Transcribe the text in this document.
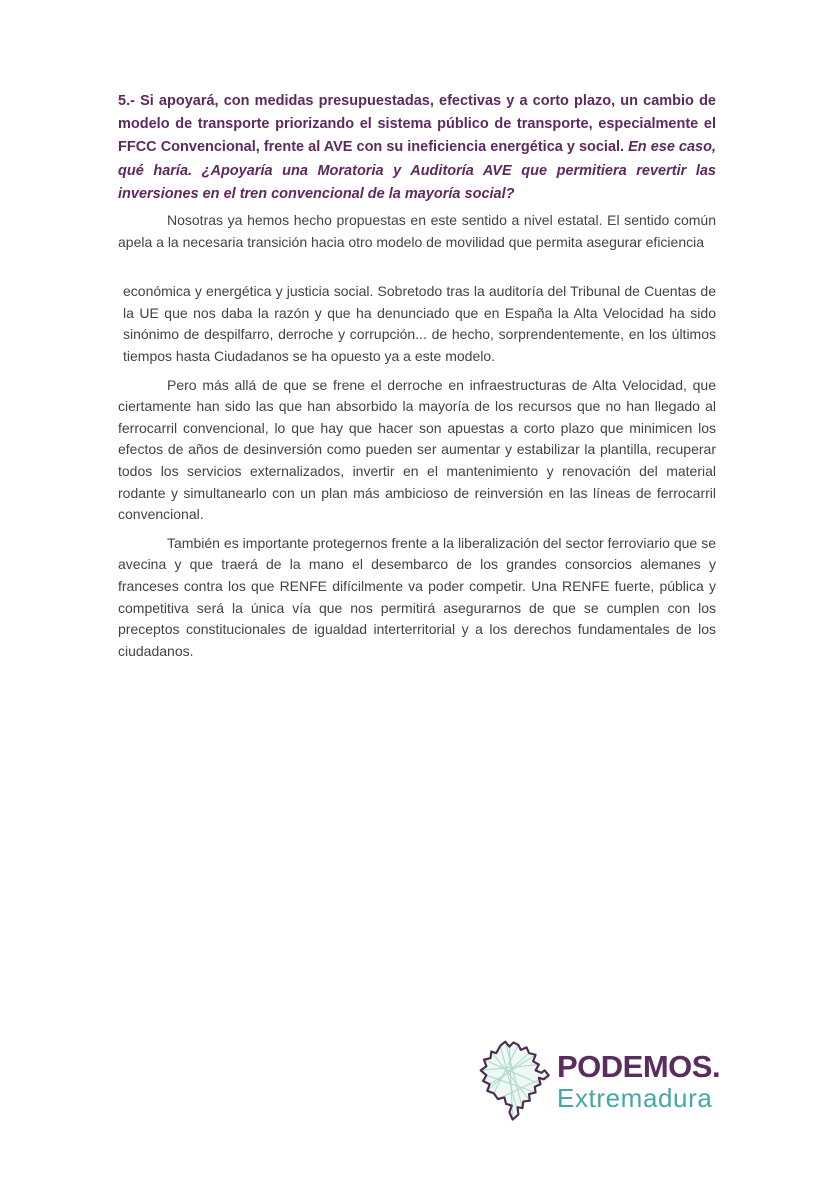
5.- Si apoyará, con medidas presupuestadas, efectivas y a corto plazo, un cambio de modelo de transporte priorizando el sistema público de transporte, especialmente el FFCC Convencional, frente al AVE con su ineficiencia energética y social. En ese caso, qué haría. ¿Apoyaría una Moratoria y Auditoría AVE que permitiera revertir las inversiones en el tren convencional de la mayoría social?

Nosotras ya hemos hecho propuestas en este sentido a nivel estatal. El sentido común apela a la necesaria transición hacia otro modelo de movilidad que permita asegurar eficiencia

económica y energética y justicia social. Sobretodo tras la auditoría del Tribunal de Cuentas de la UE que nos daba la razón y que ha denunciado que en España la Alta Velocidad ha sido sinónimo de despilfarro, derroche y corrupción... de hecho, sorprendentemente, en los últimos tiempos hasta Ciudadanos se ha opuesto ya a este modelo.

Pero más allá de que se frene el derroche en infraestructuras de Alta Velocidad, que ciertamente han sido las que han absorbido la mayoría de los recursos que no han llegado al ferrocarril convencional, lo que hay que hacer son apuestas a corto plazo que minimicen los efectos de años de desinversión como pueden ser aumentar y estabilizar la plantilla, recuperar todos los servicios externalizados, invertir en el mantenimiento y renovación del material rodante y simultanearlo con un plan más ambicioso de reinversión en las líneas de ferrocarril convencional.

También es importante protegernos frente a la liberalización del sector ferroviario que se avecina y que traerá de la mano el desembarco de los grandes consorcios alemanes y franceses contra los que RENFE difícilmente va poder competir. Una RENFE fuerte, pública y competitiva será la única vía que nos permitirá asegurarnos de que se cumplen con los preceptos constitucionales de igualdad interterritorial y a los derechos fundamentales de los ciudadanos.

PODEMOS.
Extremadura
